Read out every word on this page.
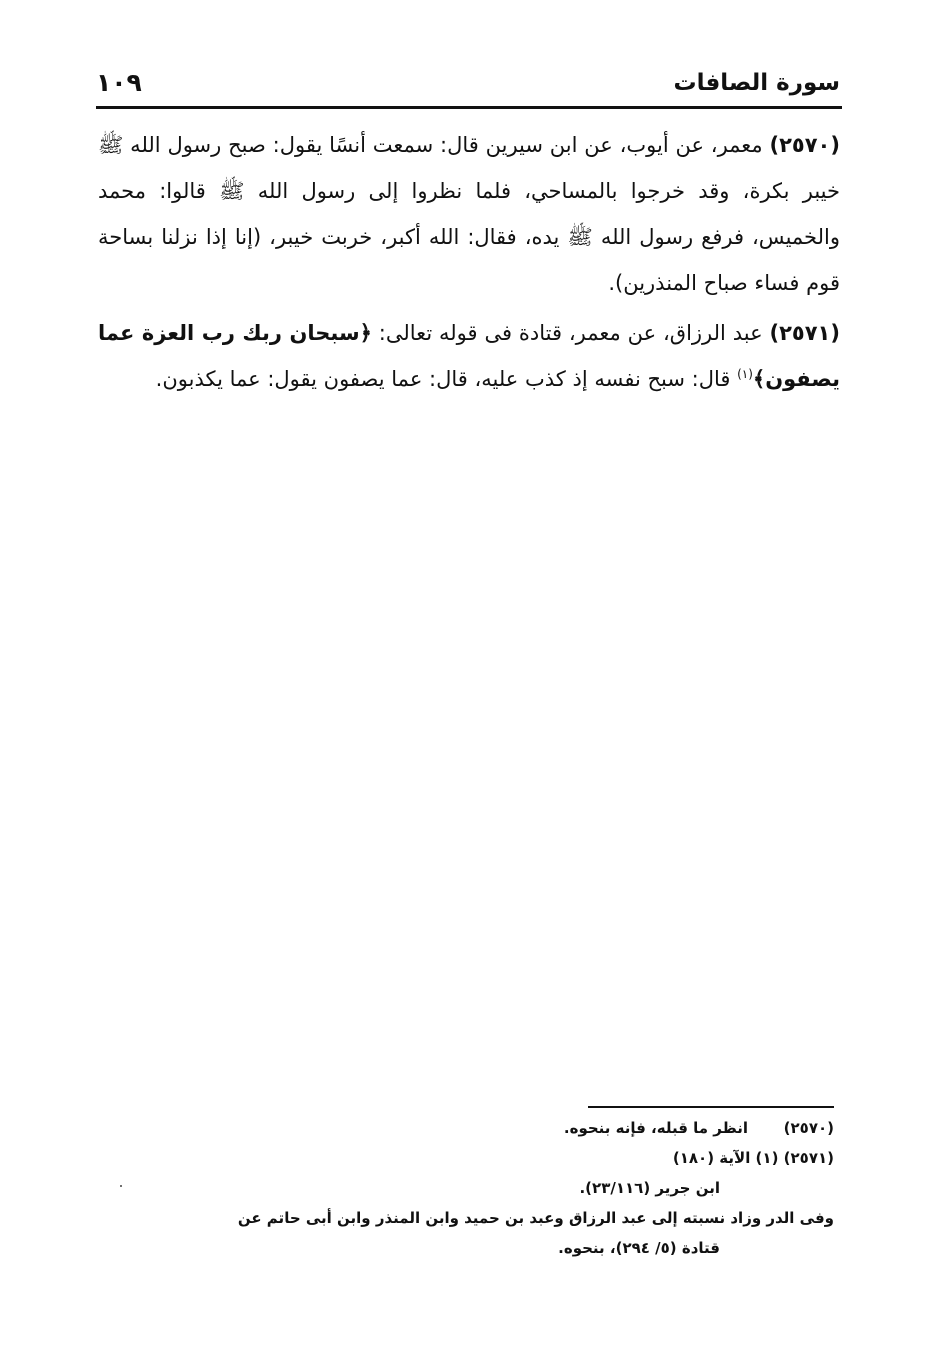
سورة الصافات
١٠٩

(٢٥٧٠) معمر، عن أيوب، عن ابن سيرين قال: سمعت أنسًا يقول: صبح رسول الله ﷺ خيبر بكرة، وقد خرجوا بالمساحي، فلما نظروا إلى رسول الله ﷺ قالوا: محمد والخميس، فرفع رسول الله ﷺ يده، فقال: الله أكبر، خربت خيبر، (إنا إذا نزلنا بساحة قوم فساء صباح المنذرين).

(٢٥٧١) عبد الرزاق، عن معمر، قتادة فى قوله تعالى: ﴿سبحان ربك رب العزة عما يصفون﴾$^{(١)}$ قال: سبح نفسه إذ كذب عليه، قال: عما يصفون يقول: عما يكذبون.

(٢٥٧٠)انظر ما قبله، فإنه بنحوه.
(٢٥٧١) (١) الآية (١٨٠)
ابن جرير (٢٣/١١٦).
وفى الدر وزاد نسبته إلى عبد الرزاق وعبد بن حميد وابن المنذر وابن أبى حاتم عن
قتادة (٥/ ٢٩٤)، بنحوه.
